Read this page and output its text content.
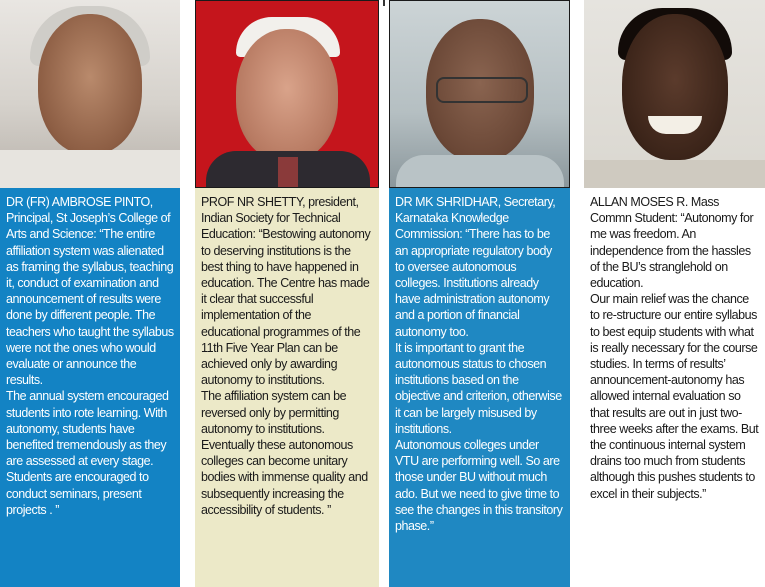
DR (FR) AMBROSE PINTO,
Principal, St Joseph’s College of Arts and Science: “The entire affiliation system was alienated as framing the syllabus, teaching it, conduct of examination and announcement of results were done by different people. The teachers who taught the syllabus were not the ones who would evaluate or announce the results.
The annual system encouraged students into rote learning. With autonomy, students have benefited tremendously as they are assessed at every stage. Students are encouraged to conduct seminars, present projects . ”
PROF NR SHETTY, president, Indian Society for Technical Education: “Bestowing autonomy to deserving institutions is the best thing to have happened in education. The Centre has made it clear that successful implementation of the educational programmes of the 11th Five Year Plan can be achieved only by awarding autonomy to institutions.
The affiliation system can be reversed only by permitting autonomy to institutions. Eventually these autonomous colleges can become unitary bodies with immense quality and subsequently increasing the accessibility of students. ”
DR MK SHRIDHAR, Secretary, Karnataka Knowledge Commission: “There has to be an appropriate regulatory body to oversee autonomous colleges. Institutions already have administration autonomy and a portion of financial autonomy too.
It is important to grant the autonomous status to chosen institutions based on the objective and criterion, otherwise it can be largely misused by institutions.
Autonomous colleges under VTU are performing well. So are those under BU without much ado. But we need to give time to see the changes in this transitory phase.”
ALLAN MOSES R. Mass Commn Student: “Autonomy for me was freedom. An independence from the hassles of the BU’s stranglehold on education.
Our main relief was the chance to re-structure our entire syllabus to best equip students with what is really necessary for the course studies. In terms of results’ announcement-autonomy has allowed internal evaluation so that results are out in just two-three weeks after the exams. But the continuous internal system drains too much from students although this pushes students to excel in their subjects.”
